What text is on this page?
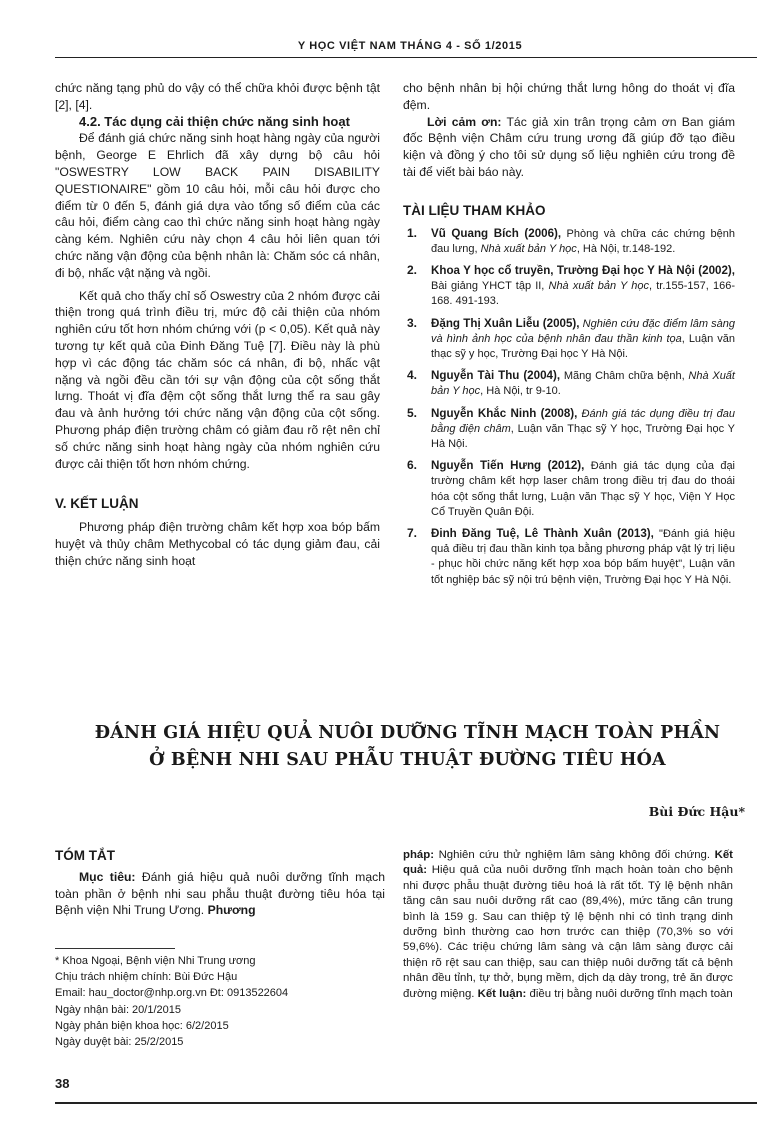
Y HỌC VIỆT NAM THÁNG 4 - SỐ 1/2015

chức năng tạng phủ do vậy có thể chữa khỏi được bệnh tật [2], [4].

4.2. Tác dụng cải thiện chức năng sinh hoạt

Để đánh giá chức năng sinh hoạt hàng ngày của người bệnh, George E Ehrlich đã xây dựng bộ câu hỏi "OSWESTRY LOW BACK PAIN DISABILITY QUESTIONAIRE" gồm 10 câu hỏi, mỗi câu hỏi được cho điểm từ 0 đến 5, đánh giá dựa vào tổng số điểm của các câu hỏi, điểm càng cao thì chức năng sinh hoạt hàng ngày càng kém. Nghiên cứu này chọn 4 câu hỏi liên quan tới chức năng vận động của bệnh nhân là: Chăm sóc cá nhân, đi bộ, nhấc vật nặng và ngồi.

Kết quả cho thấy chỉ số Oswestry của 2 nhóm được cải thiện trong quá trình điều trị, mức độ cải thiện của nhóm nghiên cứu tốt hơn nhóm chứng với (p < 0,05). Kết quả này tương tự kết quả của Đinh Đăng Tuệ [7]. Điều này là phù hợp vì các động tác chăm sóc cá nhân, đi bộ, nhấc vật nặng và ngồi đều cần tới sự vận động của cột sống thắt lưng. Thoát vị đĩa đệm cột sống thắt lưng thể ra sau gây đau và ảnh hưởng tới chức năng vận động của cột sống. Phương pháp điện trường châm có giảm đau rõ rệt nên chỉ số chức năng sinh hoạt hàng ngày của nhóm nghiên cứu được cải thiện tốt hơn nhóm chứng.

V. KẾT LUẬN

Phương pháp điện trường châm kết hợp xoa bóp bấm huyệt và thủy châm Methycobal có tác dụng giảm đau, cải thiện chức năng sinh hoạt

cho bệnh nhân bị hội chứng thắt lưng hông do thoát vị đĩa đệm.

Lời cảm ơn: Tác giả xin trân trọng cảm ơn Ban giám đốc Bệnh viện Châm cứu trung ương đã giúp đỡ tạo điều kiện và đồng ý cho tôi sử dụng số liệu nghiên cứu trong đề tài để viết bài báo này.

TÀI LIỆU THAM KHẢO

1. Vũ Quang Bích (2006), Phòng và chữa các chứng bệnh đau lưng, Nhà xuất bản Y học, Hà Nội, tr.148-192.
2. Khoa Y học cổ truyền, Trường Đại học Y Hà Nội (2002), Bài giảng YHCT tập II, Nhà xuất bản Y học, tr.155-157, 166-168. 491-193.
3. Đặng Thị Xuân Liễu (2005), Nghiên cứu đặc điểm lâm sàng và hình ảnh học của bệnh nhân đau thần kinh tọa, Luận văn thạc sỹ y học, Trường Đại học Y Hà Nội.
4. Nguyễn Tài Thu (2004), Mãng Châm chữa bệnh, Nhà Xuất bản Y học, Hà Nội, tr 9-10.
5. Nguyễn Khắc Ninh (2008), Đánh giá tác dụng điều trị đau bằng điện châm, Luận văn Thạc sỹ Y học, Trường Đại học Y Hà Nội.
6. Nguyễn Tiến Hưng (2012), Đánh giá tác dụng của đại trường châm kết hợp laser châm trong điều trị đau do thoái hóa cột sống thắt lưng, Luận văn Thạc sỹ Y học, Viện Y Học Cổ Truyền Quân Đội.
7. Đinh Đăng Tuệ, Lê Thành Xuân (2013), "Đánh giá hiệu quả điều trị đau thần kinh tọa bằng phương pháp vật lý trị liệu - phục hồi chức năng kết hợp xoa bóp bấm huyệt", Luận văn tốt nghiệp bác sỹ nội trú bệnh viện, Trường Đại học Y Hà Nội.
ĐÁNH GIÁ HIỆU QUẢ NUÔI DƯỠNG TĨNH MẠCH TOÀN PHẦN
Ở BỆNH NHI SAU PHẪU THUẬT ĐƯỜNG TIÊU HÓA
Bùi Đức Hậu*

TÓM TẮT

Mục tiêu: Đánh giá hiệu quả nuôi dưỡng tĩnh mạch toàn phần ở bệnh nhi sau phẫu thuật đường tiêu hóa tại Bệnh viện Nhi Trung Ương. Phương

pháp: Nghiên cứu thử nghiệm lâm sàng không đối chứng. Kết quả: Hiệu quả của nuôi dưỡng tĩnh mạch hoàn toàn cho bệnh nhi được phẫu thuật đường tiêu hoá là rất tốt. Tỷ lệ bệnh nhân tăng cân sau nuôi dưỡng rất cao (89,4%), mức tăng cân trung bình là 159 g. Sau can thiệp tỷ lệ bệnh nhi có tình trạng dinh dưỡng bình thường cao hơn trước can thiệp (70,3% so với 59,6%). Các triệu chứng lâm sàng và cận lâm sàng được cải thiện rõ rệt sau can thiệp, sau can thiệp nuôi dưỡng tất cả bệnh nhân đều tỉnh, tự thở, bụng mềm, dịch dạ dày trong, trẻ ăn được đường miệng. Kết luận: điều trị bằng nuôi dưỡng tĩnh mạch toàn

* Khoa Ngoại, Bệnh viện Nhi Trung ương
Chịu trách nhiệm chính: Bùi Đức Hậu
Email: hau_doctor@nhp.org.vn Đt: 0913522604
Ngày nhận bài: 20/1/2015
Ngày phản biện khoa học: 6/2/2015
Ngày duyệt bài: 25/2/2015
38
